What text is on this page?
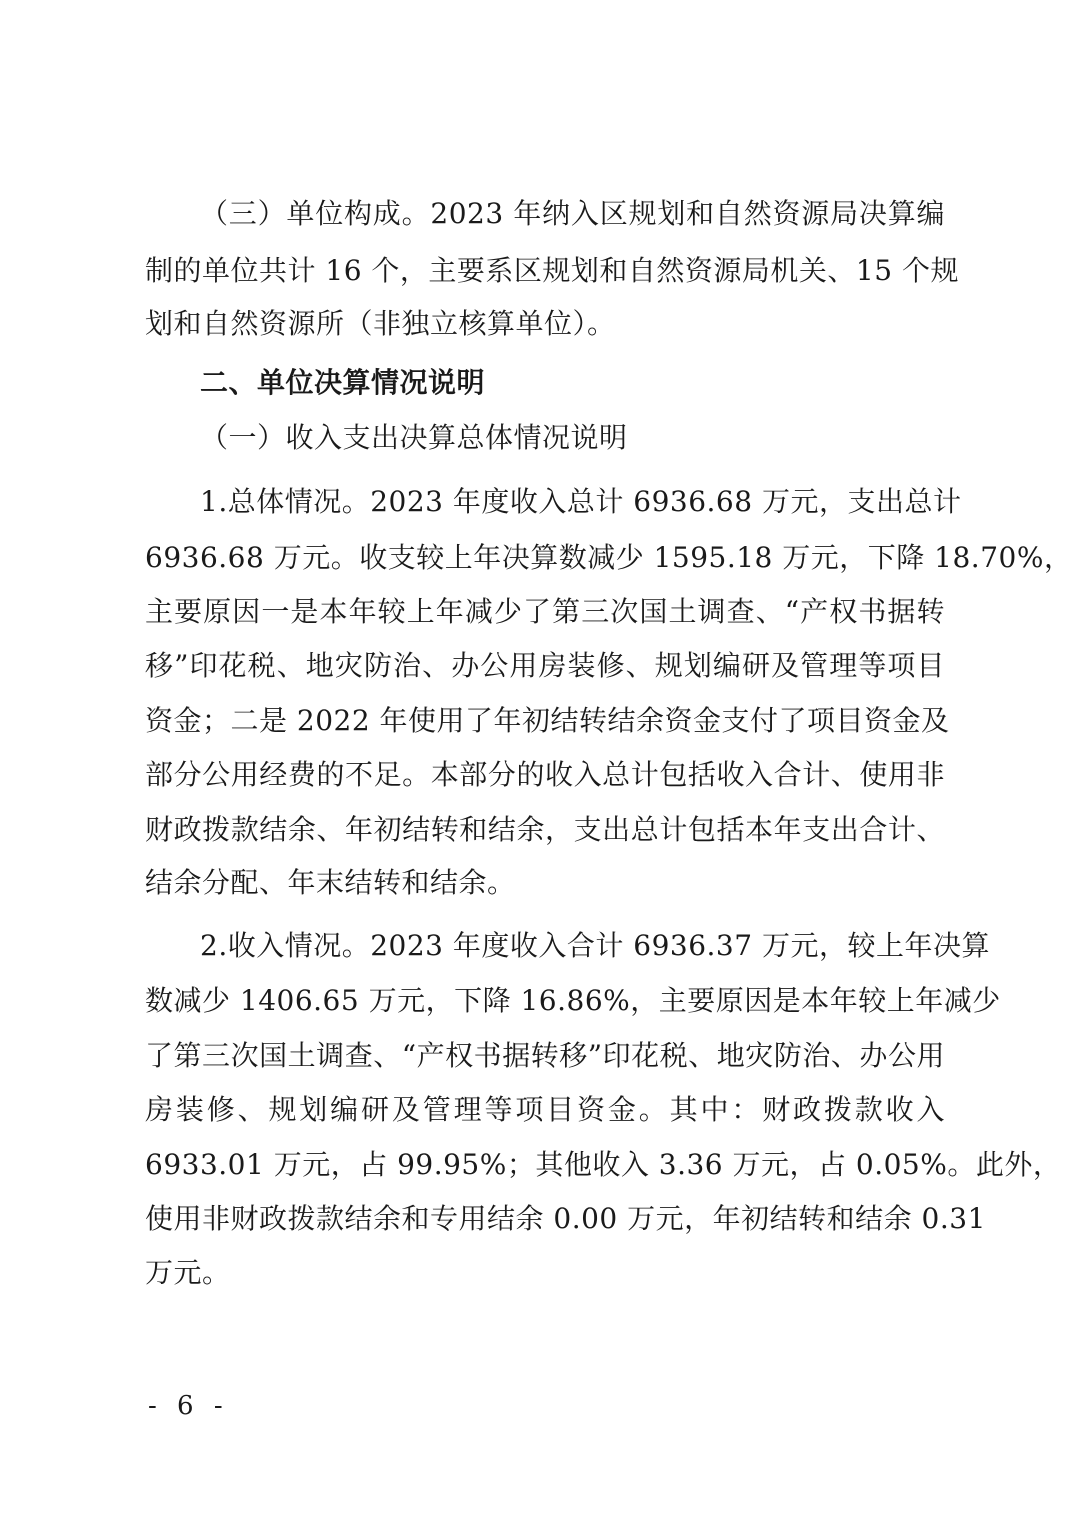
（三）单位构成。2023 年纳入区规划和自然资源局决算编
制的单位共计 16 个，主要系区规划和自然资源局机关、15 个规
划和自然资源所（非独立核算单位）。
二、单位决算情况说明
（一）收入支出决算总体情况说明
1.总体情况。2023 年度收入总计 6936.68 万元，支出总计
6936.68 万元。收支较上年决算数减少 1595.18 万元，下降 18.70%，
主要原因一是本年较上年减少了第三次国土调查、“产权书据转
移”印花税、地灾防治、办公用房装修、规划编研及管理等项目
资金；二是 2022 年使用了年初结转结余资金支付了项目资金及
部分公用经费的不足。本部分的收入总计包括收入合计、使用非
财政拨款结余、年初结转和结余，支出总计包括本年支出合计、
结余分配、年末结转和结余。
2.收入情况。2023 年度收入合计 6936.37 万元，较上年决算
数减少 1406.65 万元，下降 16.86%，主要原因是本年较上年减少
了第三次国土调查、“产权书据转移”印花税、地灾防治、办公用
房装修、规划编研及管理等项目资金。其中：财政拨款收入
6933.01 万元，占 99.95%；其他收入 3.36 万元，占 0.05%。此外，
使用非财政拨款结余和专用结余 0.00 万元，年初结转和结余 0.31
万元。
- 6 -
